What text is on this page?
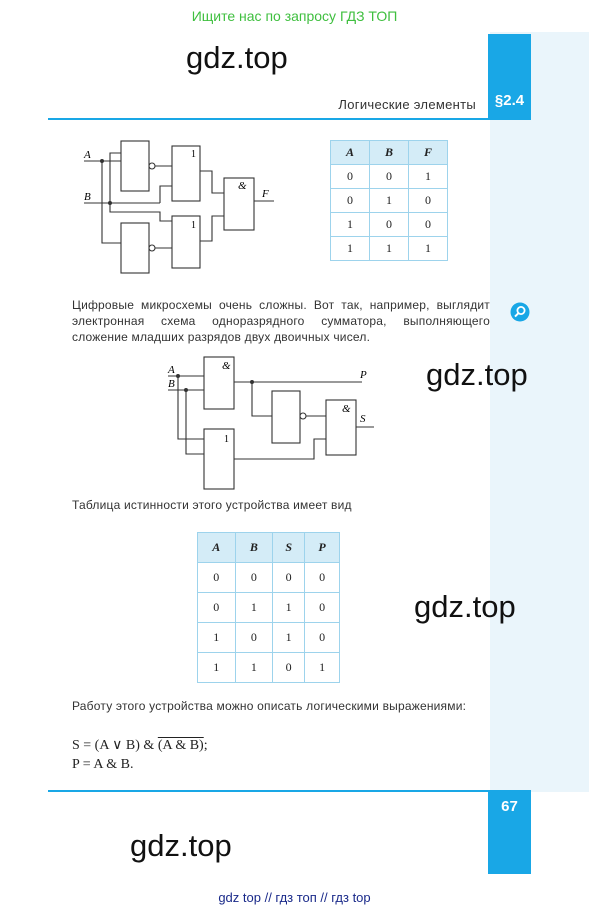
Ищите нас по запросу ГДЗ ТОП
§2.4
Логические элементы
gdz.top
gdz.top
gdz.top
gdz.top
A
B	F
1
1
&
A	B	F
0	0	1
0	1	0
1	0	0
1	1	1
Цифровые микросхемы очень сложны. Вот так, например, выглядит электронная схема одноразрядного сумматора, выполняющего сложение младших разрядов двух двоичных чисел.
A
B
P
S
&
1
&
Таблица истинности этого устройства имеет вид
A	B	S	P
0	0	0	0
0	1	1	0
1	0	1	0
1	1	0	1
Работу этого устройства можно описать логическими выражениями:
S = (A ∨ B) & (A & B);
P = A & B.
67
gdz top // гдз топ // гдз top
